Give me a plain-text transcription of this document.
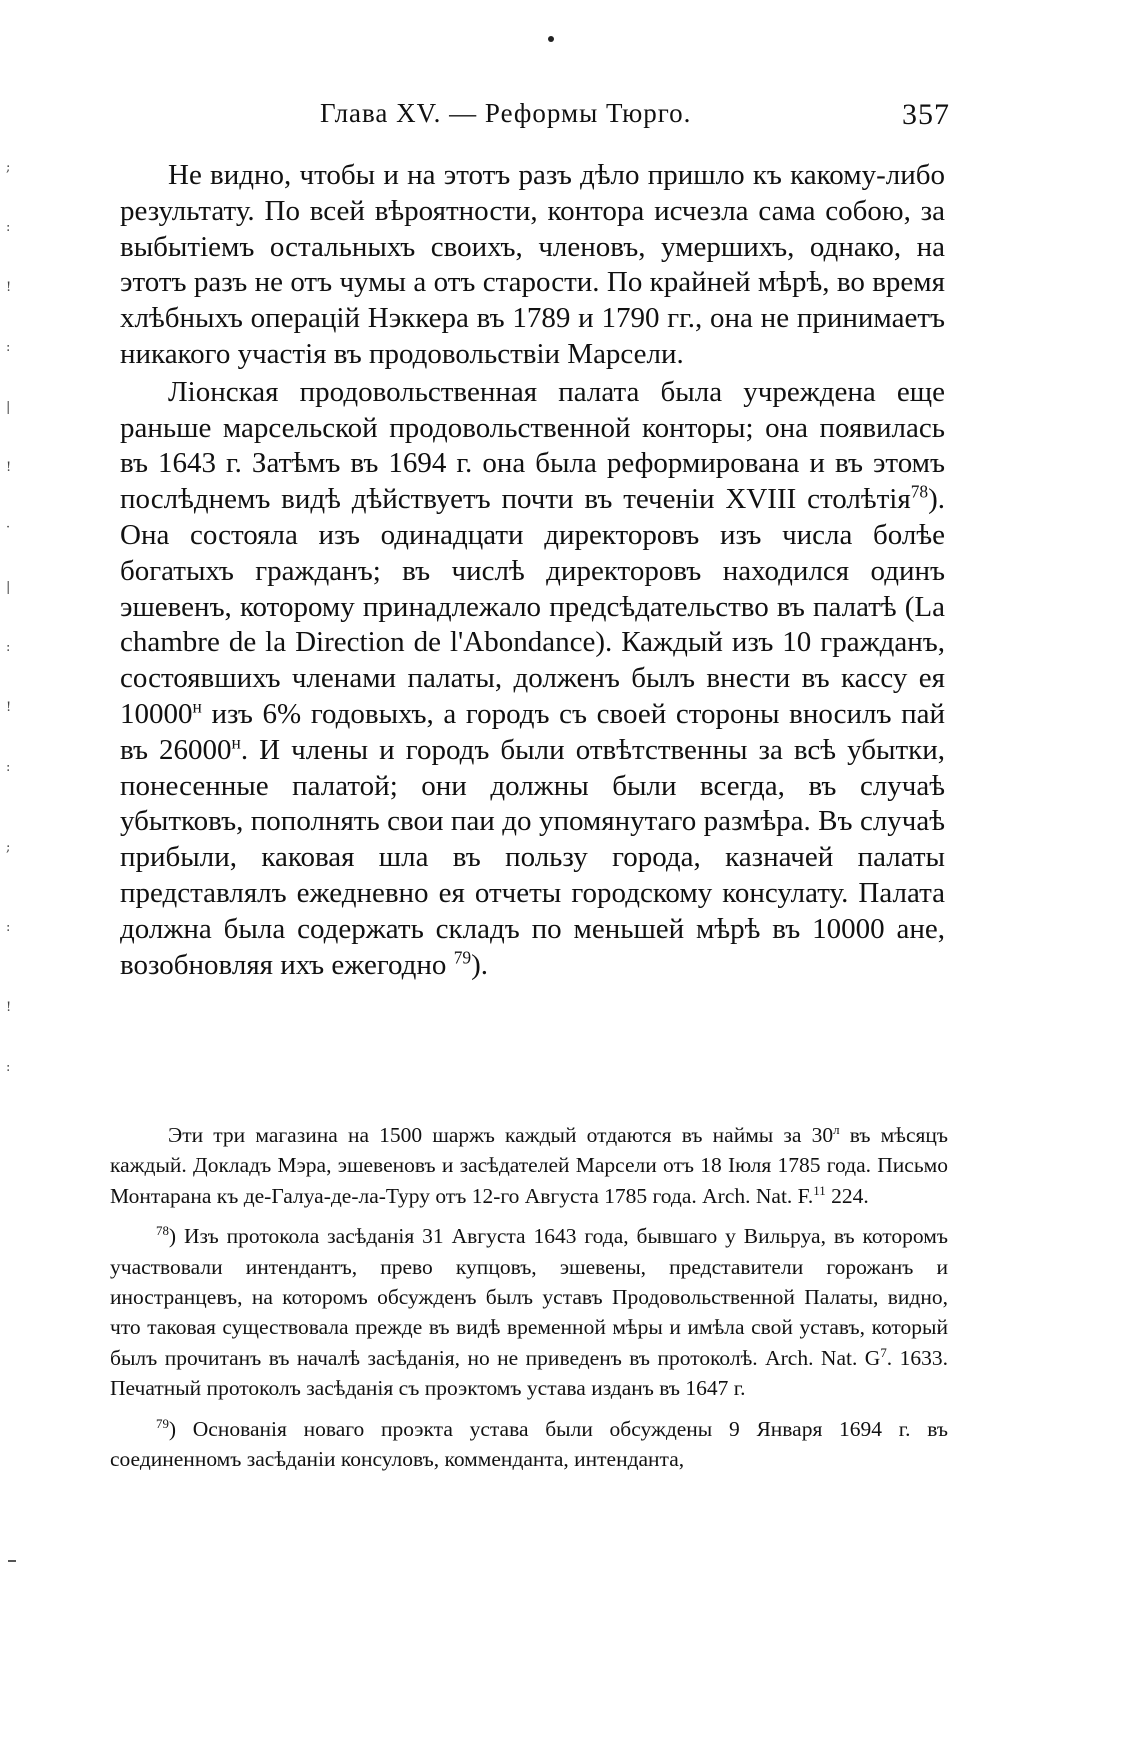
;
:
!
:
|
!
·
|
:
!
:
;
:
!
:
Глава XV. — Реформы Тюрго.	357

Не видно, чтобы и на этотъ разъ дѣло пришло къ какому-либо результату. По всей вѣроятности, контора исчезла сама собою, за выбытіемъ остальныхъ своихъ, членовъ, умершихъ, однако, на этотъ разъ не отъ чумы а отъ старости. По крайней мѣрѣ, во время хлѣбныхъ операцій Нэккера въ 1789 и 1790 гг., она не принимаетъ никакого участія въ продовольствіи Марсели.

Ліонская продовольственная палата была учреждена еще раньше марсельской продовольственной конторы; она появилась въ 1643 г. Затѣмъ въ 1694 г. она была реформирована и въ этомъ послѣднемъ видѣ дѣйствуетъ почти въ теченіи XVIII столѣтія$^{78}$). Она состояла изъ одинадцати директоровъ изъ числа болѣе богатыхъ гражданъ; въ числѣ директоровъ находился одинъ эшевенъ, которому принадлежало предсѣдательство въ палатѣ (La chambre de la Direction de l'Abondance). Каждый изъ 10 гражданъ, состоявшихъ членами палаты, долженъ былъ внести въ кассу ея $10000^н$ изъ 6% годовыхъ, а городъ съ своей стороны вносилъ пай въ $26000^н$. И члены и городъ были отвѣтственны за всѣ убытки, понесенные палатой; они должны были всегда, въ случаѣ убытковъ, пополнять свои паи до упомянутаго размѣра. Въ случаѣ прибыли, каковая шла въ пользу города, казначей палаты представлялъ ежедневно ея отчеты городскому консулату. Палата должна была содержать складъ по меньшей мѣрѣ въ 10000 ане, возобновляя ихъ ежегодно $^{79}$).

Эти три магазина на 1500 шаржъ каждый отдаются въ наймы за $30^л$ въ мѣсяцъ каждый. Докладъ Мэра, эшевеновъ и засѣдателей Марсели отъ 18 Іюля 1785 года. Письмо Монтарана къ де-Галуа-де-ла-Туру отъ 12-го Августа 1785 года. Arch. Nat. F.$^{11}$ 224.

$^{78}$) Изъ протокола засѣданія 31 Августа 1643 года, бывшаго у Вильруа, въ которомъ участвовали интендантъ, прево купцовъ, эшевены, представители горожанъ и иностранцевъ, на которомъ обсужденъ былъ уставъ Продовольственной Палаты, видно, что таковая существовала прежде въ видѣ временной мѣры и имѣла свой уставъ, который былъ прочитанъ въ началѣ засѣданія, но не приведенъ въ протоколѣ. Arch. Nat. $G^7$. 1633. Печатный протоколъ засѣданія съ проэктомъ устава изданъ въ 1647 г.

$^{79}$) Основанія новаго проэкта устава были обсуждены 9 Января 1694 г. въ соединенномъ засѣданіи консуловъ, коммендантa, интенданта,
